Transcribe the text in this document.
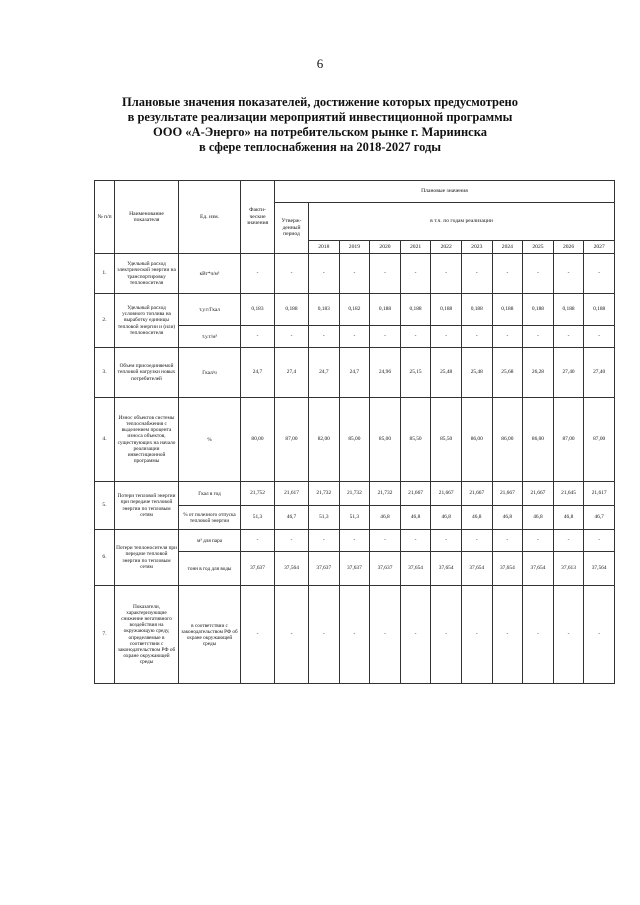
6
Плановые значения показателей, достижение которых предусмотрено
в результате реализации мероприятий инвестиционной программы
ООО «А-Энерго» на потребительском рынке г. Мариинска
в сфере теплоснабжения на 2018-2027 годы
№ п/п	Наименование показателя	Ед. изм.	Факти-ческие значения	Плановые значения										
				Утверж-денный период	в т.ч. по годам реализации									
					2018	2019	2020	2021	2022	2023	2024	2025	2026	2027
1.	Удельный расход электрической энергии на транспортировку теплоносителя	кВт*ч/м³	-	-	-	-	-	-	-	-	-	-	-	-
2.	Удельный расход условного топлива на выработку единицы тепловой энергии и (или) теплоносителя	т.у.т/Гкал	0,183	0,188	0,183	0,182	0,188	0,188	0,188	0,188	0,188	0,188	0,188	0,188
		т.у.т/м³	-	-	-	-	-	-	-	-	-	-	-	-
3.	Объем присоединяемой тепловой нагрузки новых потребителей	Гкал/ч	24,7	27,4	24,7	24,7	24,96	25,15	25,48	25,48	25,68	26,28	27,40	27,40
4.	Износ объектов системы теплоснабжения с выделением процента износа объектов, существующих на начало реализации инвестиционной программы	%	80,00	87,00	82,00	85,00	85,00	85,50	85,50	86,00	86,00	86,00	87,00	87,00
5.	Потери тепловой энергии при передаче тепловой энергии по тепловым сетям	Гкал в год	21,752	21,617	21,732	21,732	21,732	21,667	21,667	21,667	21,667	21,667	21,645	21,617
		% от полезного отпуска тепловой энергии	51,3	46,7	51,3	51,3	46,8	46,8	46,8	46,8	46,8	46,8	46,8	46,7
6.	Потери теплоносителя при передаче тепловой энергии по тепловым сетям	м³ для пара	-	-	-	-	-	-	-	-	-	-	-	-
		тонн в год для воды	37,637	37,564	37,637	37,637	37,637	37,654	37,654	37,654	37,654	37,654	37,613	37,564
7.	Показатели, характеризующие снижение негативного воздействия на окружающую среду, определяемые в соответствии с законодательством РФ об охране окружающей среды	в соответствии с законодательством РФ об охране окружающей среды	-	-	-	-	-	-	-	-	-	-	-	-
